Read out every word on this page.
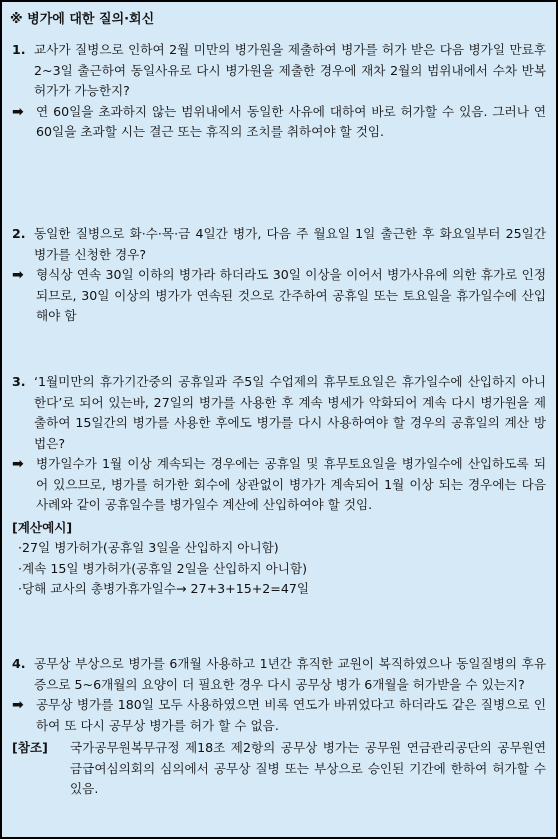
※ 병가에 대한 질의·회신
1. 교사가 질병으로 인하여 2월 미만의 병가원을 제출하여 병가를 허가 받은 다음 병가일 만료후 2~3일 출근하여 동일사유로 다시 병가원을 제출한 경우에 재차 2월의 범위내에서 수차 반복 허가가 가능한지?
➡ 연 60일을 초과하지 않는 범위내에서 동일한 사유에 대하여 바로 허가할 수 있음. 그러나 연 60일을 초과할 시는 결근 또는 휴직의 조치를 취하여야 할 것임.
2. 동일한 질병으로 화·수·목·금 4일간 병가, 다음 주 월요일 1일 출근한 후 화요일부터 25일간 병가를 신청한 경우?
➡ 형식상 연속 30일 이하의 병가라 하더라도 30일 이상을 이어서 병가사유에 의한 휴가로 인정되므로, 30일 이상의 병가가 연속된 것으로 간주하여 공휴일 또는 토요일을 휴가일수에 산입해야 함
3. ‘1월미만의 휴가기간중의 공휴일과 주5일 수업제의 휴무토요일은 휴가일수에 산입하지 아니한다’로 되어 있는바, 27일의 병가를 사용한 후 계속 병세가 악화되어 계속 다시 병가원을 제출하여 15일간의 병가를 사용한 후에도 병가를 다시 사용하여야 할 경우의 공휴일의 계산 방법은?
➡ 병가일수가 1월 이상 계속되는 경우에는 공휴일 및 휴무토요일을 병가일수에 산입하도록 되어 있으므로, 병가를 허가한 회수에 상관없이 병가가 계속되어 1월 이상 되는 경우에는 다음사례와 같이 공휴일수를 병가일수 계산에 산입하여야 할 것임.
[계산예시]
·27일 병가허가(공휴일 3일을 산입하지 아니함)
·계속 15일 병가허가(공휴일 2일을 산입하지 아니함)
·당해 교사의 총병가휴가일수→ 27+3+15+2=47일
4. 공무상 부상으로 병가를 6개월 사용하고 1년간 휴직한 교원이 복직하였으나 동일질병의 후유증으로 5~6개월의 요양이 더 필요한 경우 다시 공무상 병가 6개월을 허가받을 수 있는지?
➡ 공무상 병가를 180일 모두 사용하였으면 비록 연도가 바뀌었다고 하더라도 같은 질병으로 인하여 또 다시 공무상 병가를 허가 할 수 없음.
[참조]	국가공무원복무규정 제18조 제2항의 공무상 병가는 공무원 연금관리공단의 공무원연금급여심의회의 심의에서 공무상 질병 또는 부상으로 승인된 기간에 한하여 허가할 수 있음.
